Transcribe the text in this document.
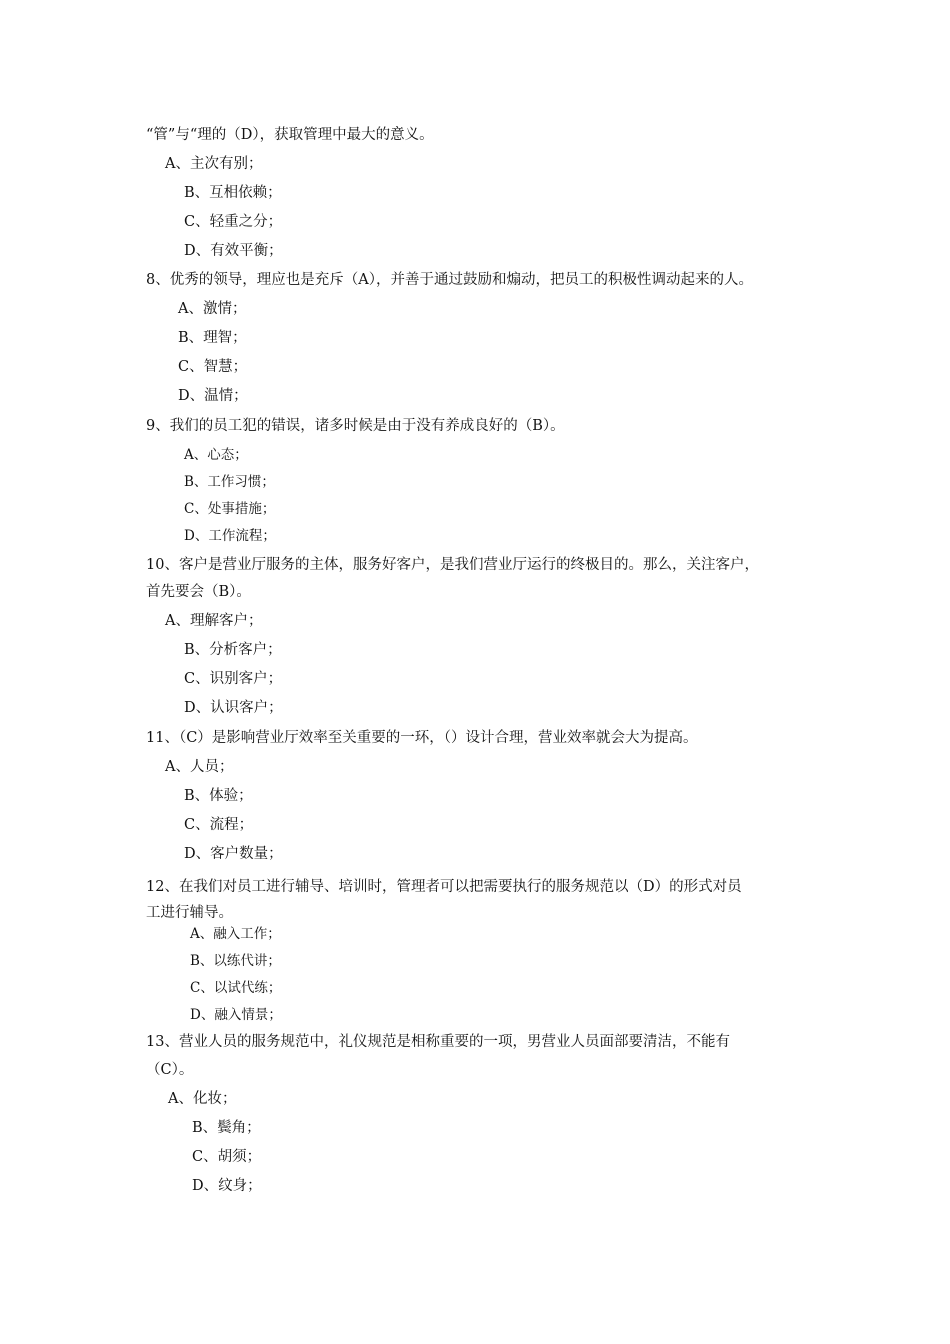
“管”与“理的（D），获取管理中最大的意义。
A、主次有别；
B、互相依赖；
C、轻重之分；
D、有效平衡；
8、优秀的领导，理应也是充斥（A），并善于通过鼓励和煽动，把员工的积极性调动起来的人。
A、激情；
B、理智；
C、智慧；
D、温情；
9、我们的员工犯的错误，诸多时候是由于没有养成良好的（B）。
A、心态；
B、工作习惯；
C、处事措施；
D、工作流程；
10、客户是营业厅服务的主体，服务好客户，是我们营业厅运行的终极目的。那么，关注客户，
首先要会（B）。
A、理解客户；
B、分析客户；
C、识别客户；
D、认识客户；
11、（C）是影响营业厅效率至关重要的一环，（）设计合理，营业效率就会大为提高。
A、人员；
B、体验；
C、流程；
D、客户数量；
12、在我们对员工进行辅导、培训时，管理者可以把需要执行的服务规范以（D）的形式对员
工进行辅导。
A、融入工作；
B、以练代讲；
C、以试代练；
D、融入情景；
13、营业人员的服务规范中，礼仪规范是相称重要的一项，男营业人员面部要清洁，不能有
（C）。
A、化妆；
B、鬓角；
C、胡须；
D、纹身；
